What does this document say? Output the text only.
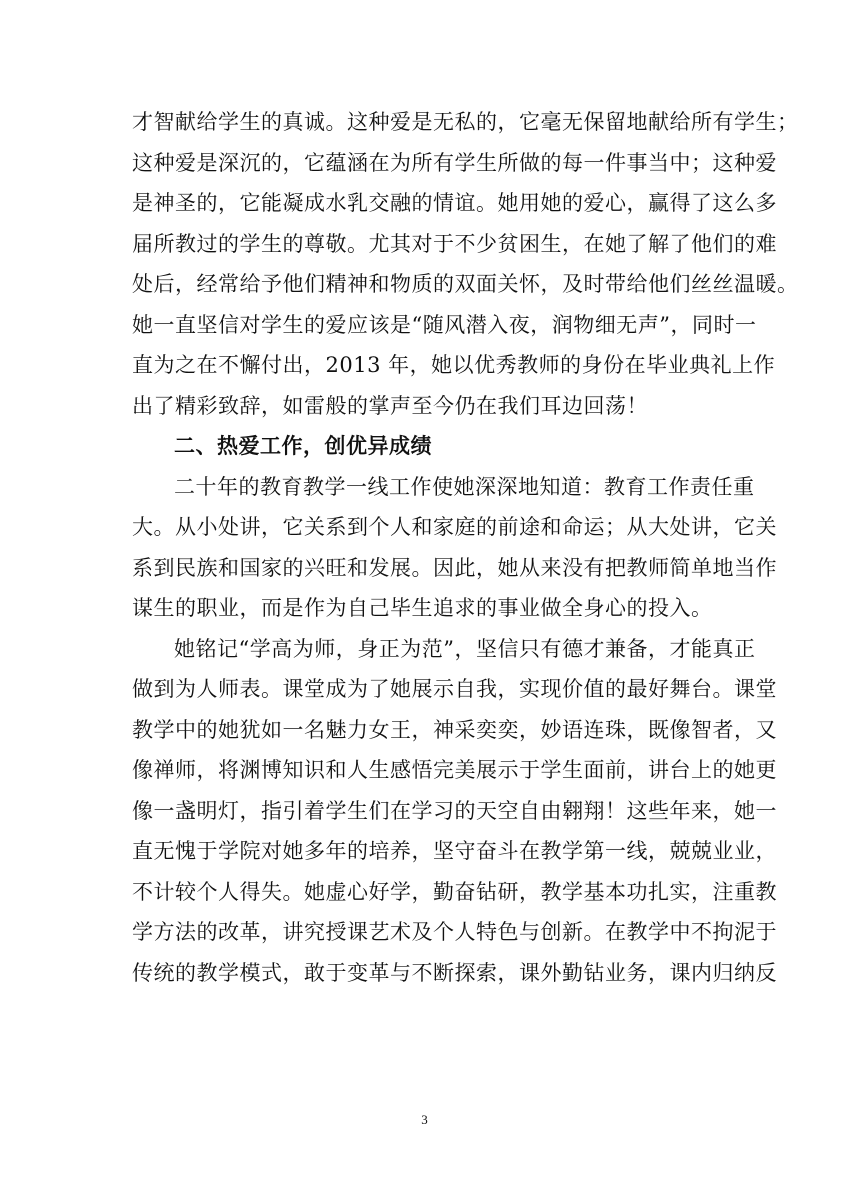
才智献给学生的真诚。这种爱是无私的，它毫无保留地献给所有学生；
这种爱是深沉的，它蕴涵在为所有学生所做的每一件事当中；这种爱
是神圣的，它能凝成水乳交融的情谊。她用她的爱心，赢得了这么多
届所教过的学生的尊敬。尤其对于不少贫困生，在她了解了他们的难
处后，经常给予他们精神和物质的双面关怀，及时带给他们丝丝温暖。
她一直坚信对学生的爱应该是“随风潜入夜，润物细无声”，同时一
直为之在不懈付出，2013 年，她以优秀教师的身份在毕业典礼上作
出了精彩致辞，如雷般的掌声至今仍在我们耳边回荡！
二、热爱工作，创优异成绩
二十年的教育教学一线工作使她深深地知道：教育工作责任重
大。从小处讲，它关系到个人和家庭的前途和命运；从大处讲，它关
系到民族和国家的兴旺和发展。因此，她从来没有把教师简单地当作
谋生的职业，而是作为自己毕生追求的事业做全身心的投入。
她铭记“学高为师，身正为范”，坚信只有德才兼备，才能真正
做到为人师表。课堂成为了她展示自我，实现价值的最好舞台。课堂
教学中的她犹如一名魅力女王，神采奕奕，妙语连珠，既像智者，又
像禅师，将渊博知识和人生感悟完美展示于学生面前，讲台上的她更
像一盏明灯，指引着学生们在学习的天空自由翱翔！这些年来，她一
直无愧于学院对她多年的培养，坚守奋斗在教学第一线，兢兢业业，
不计较个人得失。她虚心好学，勤奋钻研，教学基本功扎实，注重教
学方法的改革，讲究授课艺术及个人特色与创新。在教学中不拘泥于
传统的教学模式，敢于变革与不断探索，课外勤钻业务，课内归纳反
3
